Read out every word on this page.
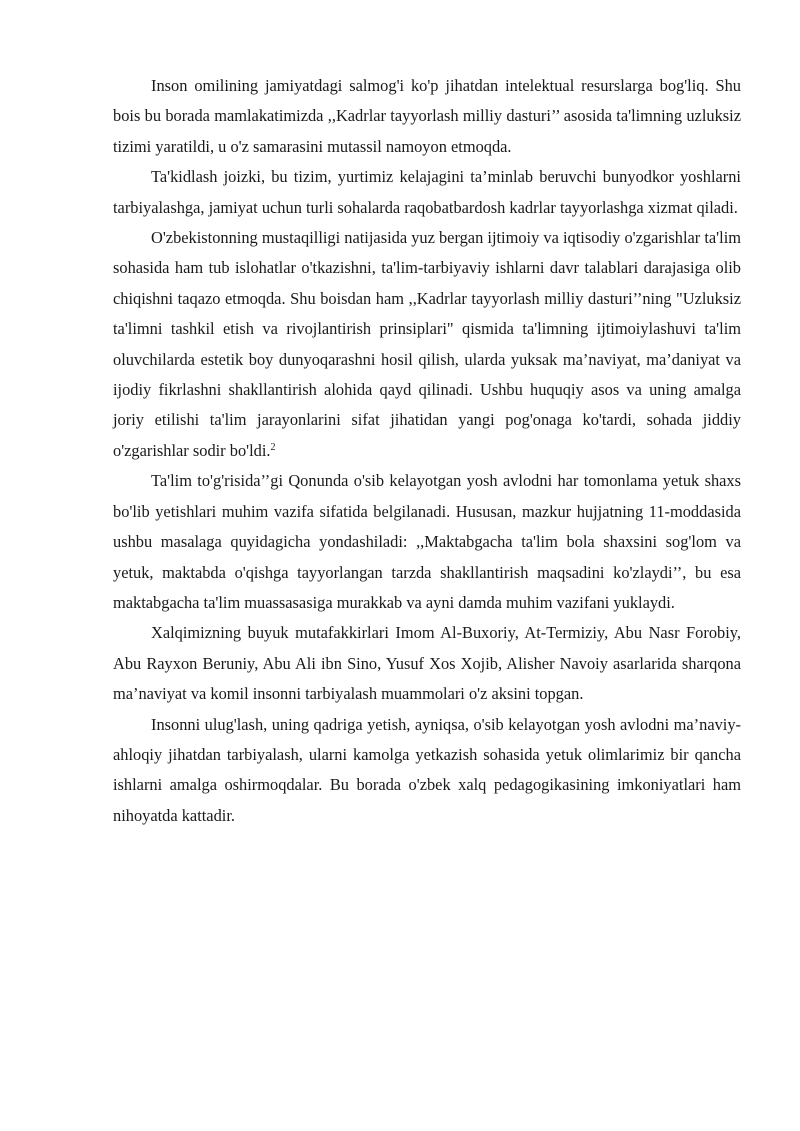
Inson omilining jamiyatdagi salmog'i ko'p jihatdan intelektual resurslarga bog'liq. Shu bois bu borada mamlakatimizda ,,Kadrlar tayyorlash milliy dasturi’’ asosida ta'limning uzluksiz tizimi yaratildi, u o'z samarasini mutassil namoyon etmoqda.

Ta'kidlash joizki, bu tizim, yurtimiz kelajagini ta’minlab beruvchi bunyodkor yoshlarni tarbiyalashga, jamiyat uchun turli sohalarda raqobatbardosh kadrlar tayyorlashga xizmat qiladi.

O'zbekistonning mustaqilligi natijasida yuz bergan ijtimoiy va iqtisodiy o'zgarishlar ta'lim sohasida ham tub islohatlar o'tkazishni, ta'lim-tarbiyaviy ishlarni davr talablari darajasiga olib chiqishni taqazo etmoqda. Shu boisdan ham ,,Kadrlar tayyorlash milliy dasturi’’ning "Uzluksiz ta'limni tashkil etish va rivojlantirish prinsiplari" qismida ta'limning ijtimoiylashuvi ta'lim oluvchilarda estetik boy dunyoqarashni hosil qilish, ularda yuksak ma’naviyat, ma’daniyat va ijodiy fikrlashni shakllantirish alohida qayd qilinadi. Ushbu huquqiy asos va uning amalga joriy etilishi ta'lim jarayonlarini sifat jihatidan yangi pog'onaga ko'tardi, sohada jiddiy o'zgarishlar sodir bo'ldi.$^2$

Ta'lim to'g'risida’’gi Qonunda o'sib kelayotgan yosh avlodni har tomonlama yetuk shaxs bo'lib yetishlari muhim vazifa sifatida belgilanadi. Hususan, mazkur hujjatning 11-moddasida ushbu masalaga quyidagicha yondashiladi: ,,Maktabgacha ta'lim bola shaxsini sog'lom va yetuk, maktabda o'qishga tayyorlangan tarzda shakllantirish maqsadini ko'zlaydi’’, bu esa maktabgacha ta'lim muassasasiga murakkab va ayni damda muhim vazifani yuklaydi.

Xalqimizning buyuk mutafakkirlari Imom Al-Buxoriy, At-Termiziy, Abu Nasr Forobiy, Abu Rayxon Beruniy, Abu Ali ibn Sino, Yusuf Xos Xojib, Alisher Navoiy asarlarida sharqona ma’naviyat va komil insonni tarbiyalash muammolari o'z aksini topgan.

Insonni ulug'lash, uning qadriga yetish, ayniqsa, o'sib kelayotgan yosh avlodni ma’naviy-ahloqiy jihatdan tarbiyalash, ularni kamolga yetkazish sohasida yetuk olimlarimiz bir qancha ishlarni amalga oshirmoqdalar. Bu borada o'zbek xalq pedagogikasining imkoniyatlari ham nihoyatda kattadir.
